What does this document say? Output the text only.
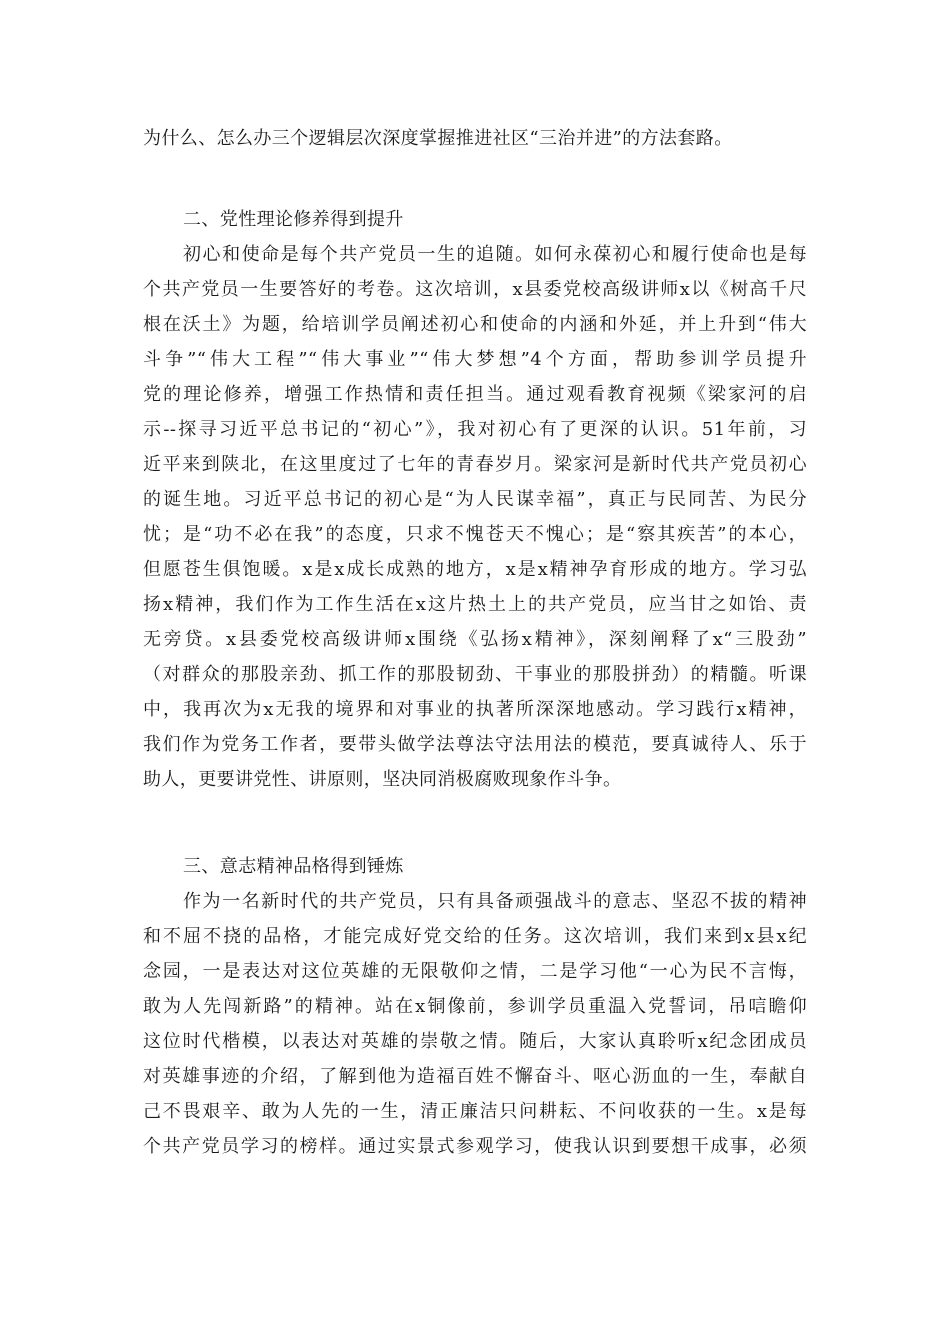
为什么、怎么办三个逻辑层次深度掌握推进社区“三治并进”的方法套路。
二、党性理论修养得到提升
初心和使命是每个共产党员一生的追随。如何永葆初心和履行使命也是每
个共产党员一生要答好的考卷。这次培训，x县委党校高级讲师x以《树高千尺
根在沃土》为题，给培训学员阐述初心和使命的内涵和外延，并上升到“伟大
斗争”“伟大工程”“伟大事业”“伟大梦想”4个方面，帮助参训学员提升
党的理论修养，增强工作热情和责任担当。通过观看教育视频《梁家河的启
示--探寻习近平总书记的“初心”》，我对初心有了更深的认识。51年前，习
近平来到陕北，在这里度过了七年的青春岁月。梁家河是新时代共产党员初心
的诞生地。习近平总书记的初心是“为人民谋幸福”，真正与民同苦、为民分
忧；是“功不必在我”的态度，只求不愧苍天不愧心；是“察其疾苦”的本心，
但愿苍生俱饱暖。x是x成长成熟的地方，x是x精神孕育形成的地方。学习弘
扬x精神，我们作为工作生活在x这片热土上的共产党员，应当甘之如饴、责
无旁贷。x县委党校高级讲师x围绕《弘扬x精神》，深刻阐释了x“三股劲”
（对群众的那股亲劲、抓工作的那股韧劲、干事业的那股拼劲）的精髓。听课
中，我再次为x无我的境界和对事业的执著所深深地感动。学习践行x精神，
我们作为党务工作者，要带头做学法尊法守法用法的模范，要真诚待人、乐于
助人，更要讲党性、讲原则，坚决同消极腐败现象作斗争。
三、意志精神品格得到锤炼
作为一名新时代的共产党员，只有具备顽强战斗的意志、坚忍不拔的精神
和不屈不挠的品格，才能完成好党交给的任务。这次培训，我们来到x县x纪
念园，一是表达对这位英雄的无限敬仰之情，二是学习他“一心为民不言悔，
敢为人先闯新路”的精神。站在x铜像前，参训学员重温入党誓词，吊唁瞻仰
这位时代楷模，以表达对英雄的崇敬之情。随后，大家认真聆听x纪念团成员
对英雄事迹的介绍，了解到他为造福百姓不懈奋斗、呕心沥血的一生，奉献自
己不畏艰辛、敢为人先的一生，清正廉洁只问耕耘、不问收获的一生。x是每
个共产党员学习的榜样。通过实景式参观学习，使我认识到要想干成事，必须
